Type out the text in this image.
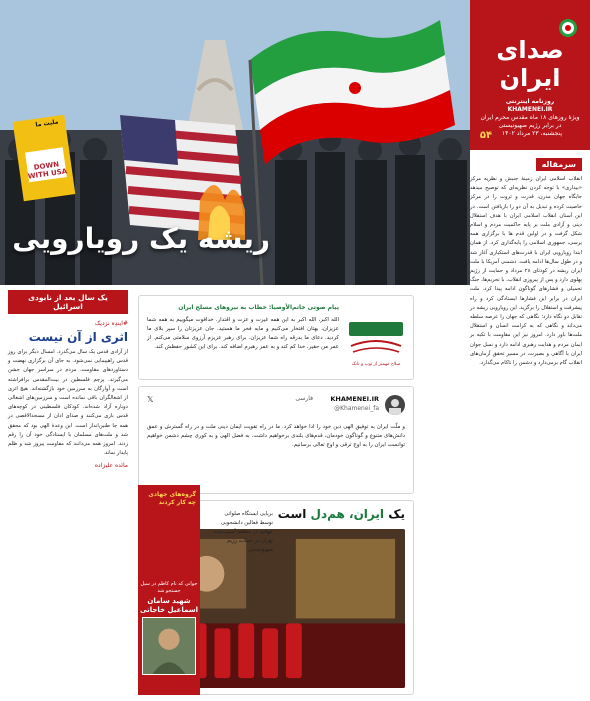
ملیت ما
DOWN WITH USA
ریشه یک رویارویی
صدای ایران
روزنامه اینترنتی
KHAMENEI.IR
ویژهٔ روزهای ۱۸ ماه مقدس محرم ایران در برابر رژیم صهیونیستی
پنجشنبه، ۲۳ مرداد ۱۴۰۲
۵۴
سرمقاله
انقلاب اسلامی ایران زمینۀ جنبش و نظریه مرکز «بیداری» با توجه کردن نظریه‌ای که توصیح میدهد جایگاه جهان مدرن، قدرت و ثروت را در مرکز خاصیت کرده و تبدیل به آن دو را بازیافتن است. در این آستان انقلاب اسلامی ایران با هدف استقلال دینی و آزادی ملت بر پایه حاکمیت مردم و اسلام شکل گرفت و در اولین قدم ها با برگزاری همه پرسی، جمهوری اسلامی را پایه‌گذاری کرد. از همان ابتدا رویارویی ایران با قدرت‌های استکباری آغاز شد و در طول سال‌ها ادامه یافت. دشمنی آمریکا با ملت ایران ریشه در کودتای ۲۸ مرداد و حمایت از رژیم پهلوی دارد و پس از پیروزی انقلاب، با تحریم‌ها، جنگ تحمیلی و فشارهای گوناگون ادامه پیدا کرد. ملت ایران در برابر این فشارها ایستادگی کرد و راه پیشرفت و استقلال را برگزید. این رویارویی ریشه در تقابل دو نگاه دارد؛ نگاهی که جهان را عرصه سلطه می‌داند و نگاهی که به کرامت انسان و استقلال ملت‌ها باور دارد. امروز نیز این مقاومت با تکیه بر ایمان مردم و هدایت رهبری ادامه دارد و نسل جوان ایران با آگاهی و بصیرت، در مسیر تحقق آرمان‌های انقلاب گام برمی‌دارد و دشمن را ناکام می‌گذارد.
یک سال بعد از نابودی اسرائیل
#ایندِه نزدیک
اثری از آن نیست
از آزادی قدس یک سال می‌گذرد. امسال دیگر برای روز قدس راهپیمایی نمی‌شود. به جای آن برگزاری نهضت و دستاوردهای مقاومت، مردم در سراسر جهان جشن می‌گیرند. پرچم فلسطین در بیت‌المقدس برافراشته است و آوارگان به سرزمین خود بازگشته‌اند. هیچ اثری از اشغالگران باقی نمانده است و سرزمین‌های اشغالی دوباره آزاد شده‌اند. کودکان فلسطینی در کوچه‌های قدس بازی می‌کنند و صدای اذان از مسجدالاقصی در همه جا طنین‌انداز است. این وعدهٔ الهی بود که محقق شد و ملت‌های مسلمان با ایستادگی خود آن را رقم زدند. امروز همه می‌دانند که مقاومت پیروز شد و ظلم پایدار نماند.
مائده علیزاده
سلاح مهمتر از توپ و تانک
پیام صوتی خاتم‌الأوصیا: خطاب به نیروهای مسلح ایران
الله اکبر، الله اکبر به این همه غیرت و عزت و اقتدار. خداقوت میگوییم به همه شما عزیزان، بهتان افتخار می‌کنیم و مایه فخر ما هستید. جان عزیزتان را سپر بلای ما کردید. دعای ما بدرقه راه شما عزیزان. برای رهبر عزیزم آرزوی سلامتی می‌کنم. از عمر من حقیر، خدا کم کند و به عمر رهبرم اضافه کند. برای این کشور حفظش کند.
KHAMENEI.IR
@Khamenei_fa
فارسی
𝕏
و ملّت ایران به توفیق الهی دین خود را ادا خواهد کرد. ما در راه تقویت ایمان دینی ملت و در راه گسترش و عمق دانش‌های متنوع و گوناگون خودمان، قدم‌های بلندی برخواهیم داشت. به فضل الهی و به کوری چشم دشمن خواهیم توانست ایران را به اوج ترقی و اوج تعالی برسانیم.
یک ایران، هم‌دل است
گروه‌های جهادی چه کار کردند
جوانی که نام کاظم در سیل جستجو شد
شهید سامان اسماعیل خاجانی
برپایی ایستگاه صلواتی
توسط فعالین دانشجویی
جهادی در منطقهٔ آسیب‌دیده
تهران در حملات رژیم
صهیونیستی
